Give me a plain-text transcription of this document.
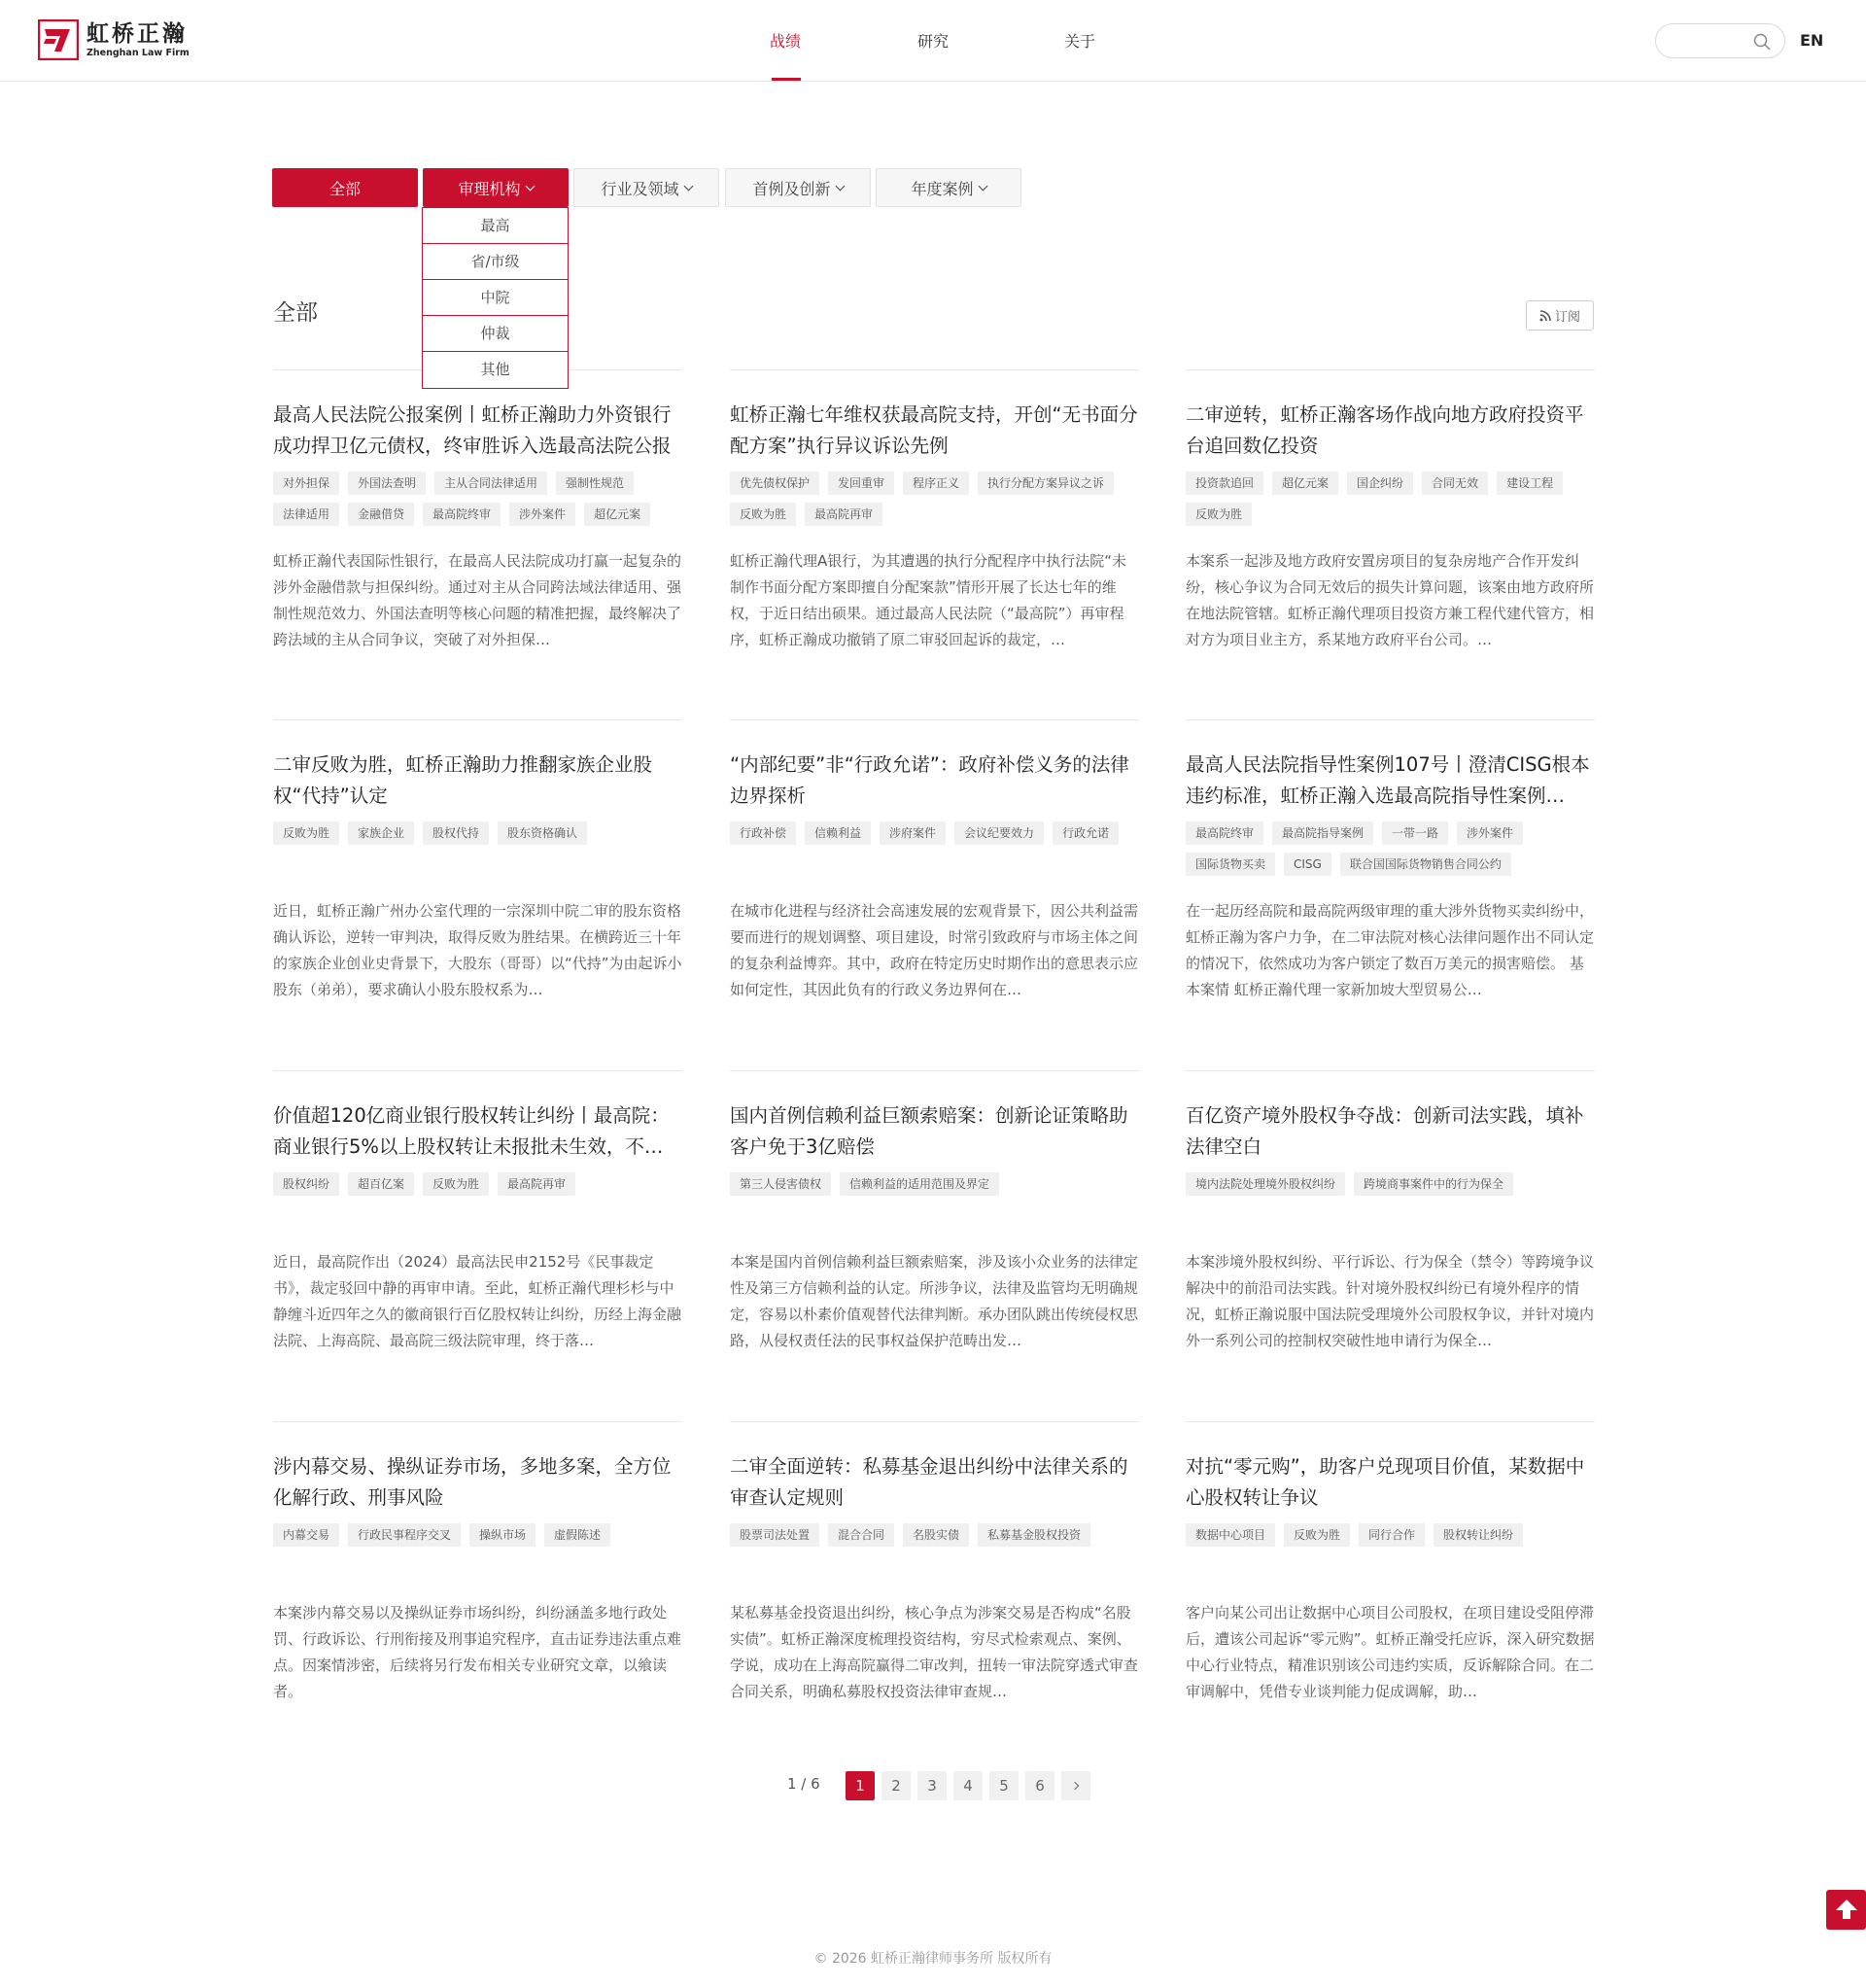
虹桥正瀚
Zhenghan Law Firm
战绩	研究	关于	EN
全部	审理机构	行业及领域	首例及创新	年度案例
最高
省/市级
中院
仲裁
其他
全部	订阅
最高人民法院公报案例丨虹桥正瀚助力外资银行成功捍卫亿元债权，终审胜诉入选最高法院公报
对外担保	外国法查明	主从合同法律适用	强制性规范
法律适用	金融借贷	最高院终审	涉外案件	超亿元案
虹桥正瀚代表国际性银行，在最高人民法院成功打赢一起复杂的涉外金融借款与担保纠纷。通过对主从合同跨法域法律适用、强制性规范效力、外国法查明等核心问题的精准把握，最终解决了跨法域的主从合同争议，突破了对外担保…
虹桥正瀚七年维权获最高院支持，开创“无书面分配方案”执行异议诉讼先例
优先债权保护	发回重审	程序正义	执行分配方案异议之诉
反败为胜	最高院再审
虹桥正瀚代理A银行，为其遭遇的执行分配程序中执行法院“未制作书面分配方案即擅自分配案款”情形开展了长达七年的维权，于近日结出硕果。通过最高人民法院（“最高院”）再审程序，虹桥正瀚成功撤销了原二审驳回起诉的裁定，…
二审逆转，虹桥正瀚客场作战向地方政府投资平台追回数亿投资
投资款追回	超亿元案	国企纠纷	合同无效	建设工程
反败为胜
本案系一起涉及地方政府安置房项目的复杂房地产合作开发纠纷，核心争议为合同无效后的损失计算问题，该案由地方政府所在地法院管辖。虹桥正瀚代理项目投资方兼工程代建代管方，相对方为项目业主方，系某地方政府平台公司。…
二审反败为胜，虹桥正瀚助力推翻家族企业股权“代持”认定
反败为胜	家族企业	股权代持	股东资格确认
近日，虹桥正瀚广州办公室代理的一宗深圳中院二审的股东资格确认诉讼，逆转一审判决，取得反败为胜结果。在横跨近三十年的家族企业创业史背景下，大股东（哥哥）以“代持”为由起诉小股东（弟弟），要求确认小股东股权系为…
“内部纪要”非“行政允诺”：政府补偿义务的法律边界探析
行政补偿	信赖利益	涉府案件	会议纪要效力	行政允诺
在城市化进程与经济社会高速发展的宏观背景下，因公共利益需要而进行的规划调整、项目建设，时常引致政府与市场主体之间的复杂利益博弈。其中，政府在特定历史时期作出的意思表示应如何定性，其因此负有的行政义务边界何在…
最高人民法院指导性案例107号丨澄清CISG根本违约标准，虹桥正瀚入选最高院指导性案例…
最高院终审	最高院指导案例	一带一路	涉外案件
国际货物买卖	CISG	联合国国际货物销售合同公约
在一起历经高院和最高院两级审理的重大涉外货物买卖纠纷中，虹桥正瀚为客户力争，在二审法院对核心法律问题作出不同认定的情况下，依然成功为客户锁定了数百万美元的损害赔偿。 基本案情 虹桥正瀚代理一家新加坡大型贸易公…
价值超120亿商业银行股权转让纠纷丨最高院：商业银行5%以上股权转让未报批未生效，不…
股权纠纷	超百亿案	反败为胜	最高院再审
近日，最高院作出（2024）最高法民申2152号《民事裁定书》，裁定驳回中静的再审申请。至此，虹桥正瀚代理杉杉与中静缠斗近四年之久的徽商银行百亿股权转让纠纷，历经上海金融法院、上海高院、最高院三级法院审理，终于落…
国内首例信赖利益巨额索赔案：创新论证策略助客户免于3亿赔偿
第三人侵害债权	信赖利益的适用范围及界定
本案是国内首例信赖利益巨额索赔案，涉及该小众业务的法律定性及第三方信赖利益的认定。所涉争议，法律及监管均无明确规定，容易以朴素价值观替代法律判断。承办团队跳出传统侵权思路，从侵权责任法的民事权益保护范畴出发…
百亿资产境外股权争夺战：创新司法实践，填补法律空白
境内法院处理境外股权纠纷	跨境商事案件中的行为保全
本案涉境外股权纠纷、平行诉讼、行为保全（禁令）等跨境争议解决中的前沿司法实践。针对境外股权纠纷已有境外程序的情况，虹桥正瀚说服中国法院受理境外公司股权争议，并针对境内外一系列公司的控制权突破性地申请行为保全…
涉内幕交易、操纵证券市场，多地多案，全方位化解行政、刑事风险
内幕交易	行政民事程序交叉	操纵市场	虚假陈述
本案涉内幕交易以及操纵证券市场纠纷，纠纷涵盖多地行政处罚、行政诉讼、行刑衔接及刑事追究程序，直击证券违法重点难点。因案情涉密，后续将另行发布相关专业研究文章，以飨读者。
二审全面逆转：私募基金退出纠纷中法律关系的审查认定规则
股票司法处置	混合合同	名股实债	私募基金股权投资
某私募基金投资退出纠纷，核心争点为涉案交易是否构成“名股实债”。虹桥正瀚深度梳理投资结构，穷尽式检索观点、案例、学说，成功在上海高院赢得二审改判，扭转一审法院穿透式审查合同关系，明确私募股权投资法律审查规…
对抗“零元购”，助客户兑现项目价值，某数据中心股权转让争议
数据中心项目	反败为胜	同行合作	股权转让纠纷
客户向某公司出让数据中心项目公司股权，在项目建设受阻停滞后，遭该公司起诉“零元购”。虹桥正瀚受托应诉，深入研究数据中心行业特点，精准识别该公司违约实质，反诉解除合同。在二审调解中，凭借专业谈判能力促成调解，助…
1 / 6	1	2	3	4	5	6
© 2026 虹桥正瀚律师事务所 版权所有
